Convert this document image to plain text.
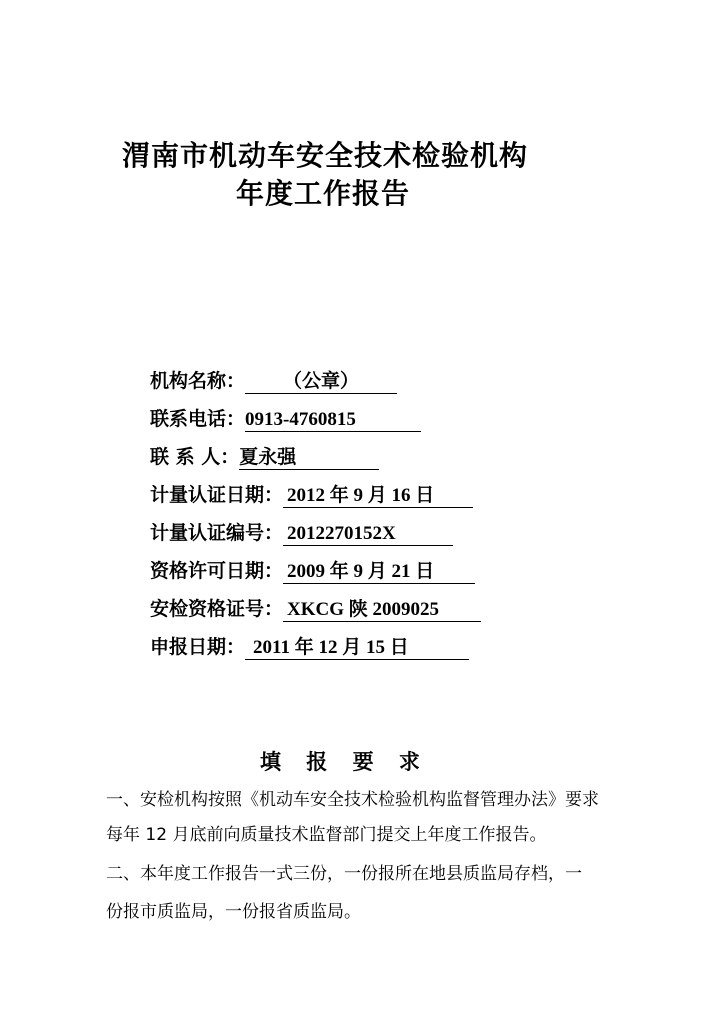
渭南市机动车安全技术检验机构
年度工作报告
机构名称： （公章）
联系电话：0913-4760815
联 系 人：夏永强
计量认证日期： 2012 年 9 月 16 日
计量认证编号： 2012270152X
资格许可日期： 2009 年 9 月 21 日
安检资格证号： XKCG 陕 2009025
申报日期： 2011 年 12 月 15 日
填 报 要 求
一、安检机构按照《机动车安全技术检验机构监督管理办法》要求
每年 12 月底前向质量技术监督部门提交上年度工作报告。
二、本年度工作报告一式三份，一份报所在地县质监局存档，一
份报市质监局，一份报省质监局。
